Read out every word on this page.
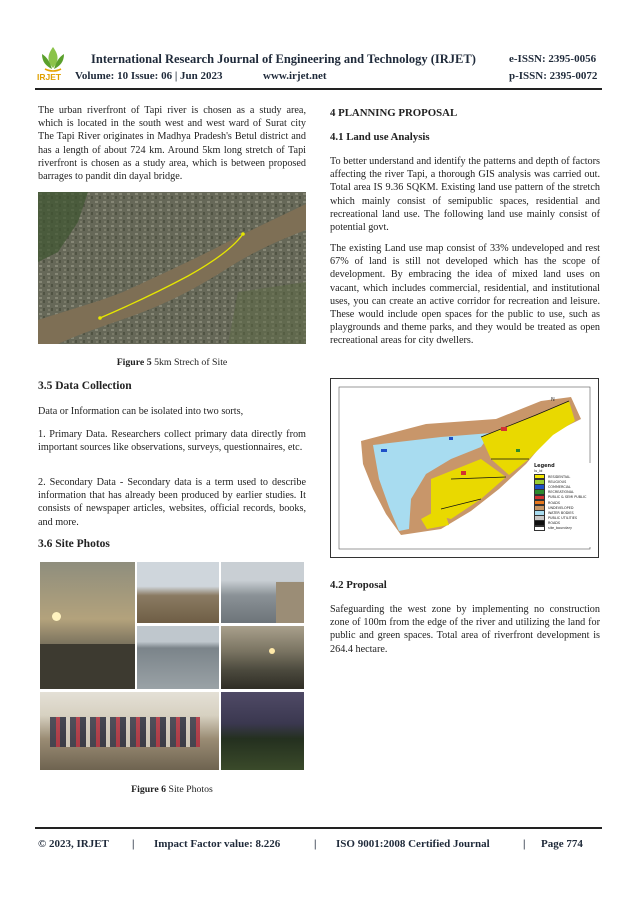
IRJET
International Research Journal of Engineering and Technology (IRJET)	e-ISSN: 2395-0056
Volume: 10 Issue: 06 | Jun 2023	www.irjet.net	p-ISSN: 2395-0072

The urban riverfront of Tapi river is chosen as a study area, which is located in the south west and west ward of Surat city The Tapi River originates in Madhya Pradesh's Betul district and has a length of about 724 km. Around 5km long stretch of Tapi riverfront is chosen as a study area, which is between proposed barrages to pandit din dayal bridge.

Figure 5 5km Strech of Site
3.5 Data Collection

Data or Information can be isolated into two sorts,

1. Primary Data. Researchers collect primary data directly from important sources like observations, surveys, questionnaires, etc.

2. Secondary Data - Secondary data is a term used to describe information that has already been produced by earlier studies. It consists of newspaper articles, websites, official records, books, and more.

3.6 Site Photos
Figure 6 Site Photos
4 PLANNING PROPOSAL
4.1 Land use Analysis

To better understand and identify the patterns and depth of factors affecting the river Tapi, a thorough GIS analysis was carried out. Total area IS 9.36 SQKM. Existing land use pattern of the stretch which mainly consist of semipublic spaces, residential and recreational land use. The following land use mainly consist of potential govt.

The existing Land use map consist of 33% undeveloped and rest 67% of land is still not developed which has the scope of development. By embracing the idea of mixed land uses on vacant, which includes commercial, residential, and institutional uses, you can create an active corridor for recreation and leisure. These would include open spaces for the public to use, such as playgrounds and theme parks, and they would be treated as open recreational areas for city dwellers.

N
Legend
lu_id
RESIDENTIAL
RELIGIOUS
COMMERCIAL
RECREATIONAL
PUBLIC & SEMI PUBLIC
ROADS
UNDEVELOPED
WATER BODIES
PUBLIC UTILITIES
ROADS
site_boundary
4.2 Proposal

Safeguarding the west zone by implementing no construction zone of 100m from the edge of the river and utilizing the land for public and green spaces. Total area of riverfront development is 264.4 hectare.

© 2023, IRJET | Impact Factor value: 8.226	| ISO 9001:2008 Certified Journal	| Page 774
